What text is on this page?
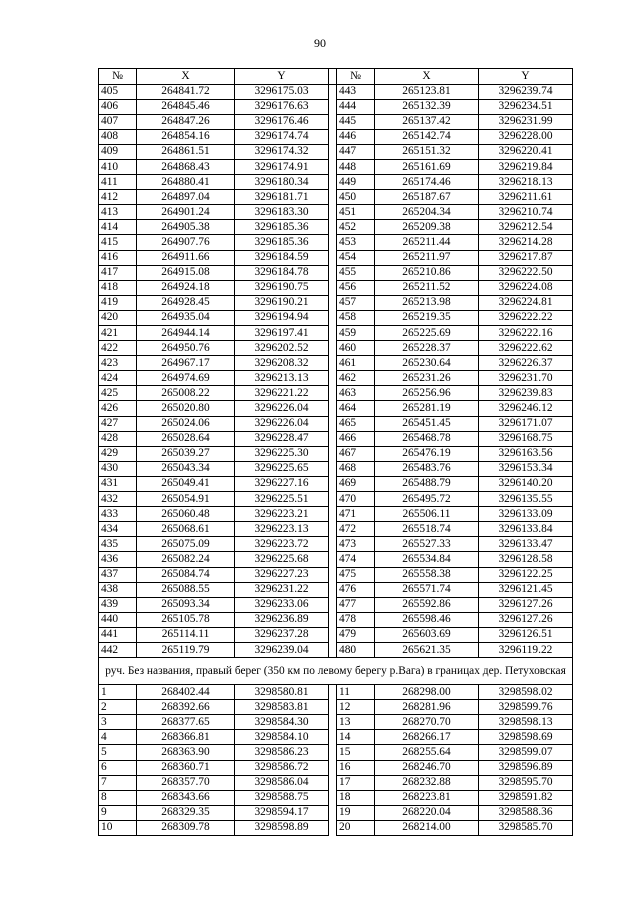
90
№	X	Y		№	X	Y
405	264841.72	3296175.03		443	265123.81	3296239.74
406	264845.46	3296176.63		444	265132.39	3296234.51
407	264847.26	3296176.46		445	265137.42	3296231.99
408	264854.16	3296174.74		446	265142.74	3296228.00
409	264861.51	3296174.32		447	265151.32	3296220.41
410	264868.43	3296174.91		448	265161.69	3296219.84
411	264880.41	3296180.34		449	265174.46	3296218.13
412	264897.04	3296181.71		450	265187.67	3296211.61
413	264901.24	3296183.30		451	265204.34	3296210.74
414	264905.38	3296185.36		452	265209.38	3296212.54
415	264907.76	3296185.36		453	265211.44	3296214.28
416	264911.66	3296184.59		454	265211.97	3296217.87
417	264915.08	3296184.78		455	265210.86	3296222.50
418	264924.18	3296190.75		456	265211.52	3296224.08
419	264928.45	3296190.21		457	265213.98	3296224.81
420	264935.04	3296194.94		458	265219.35	3296222.22
421	264944.14	3296197.41		459	265225.69	3296222.16
422	264950.76	3296202.52		460	265228.37	3296222.62
423	264967.17	3296208.32		461	265230.64	3296226.37
424	264974.69	3296213.13		462	265231.26	3296231.70
425	265008.22	3296221.22		463	265256.96	3296239.83
426	265020.80	3296226.04		464	265281.19	3296246.12
427	265024.06	3296226.04		465	265451.45	3296171.07
428	265028.64	3296228.47		466	265468.78	3296168.75
429	265039.27	3296225.30		467	265476.19	3296163.56
430	265043.34	3296225.65		468	265483.76	3296153.34
431	265049.41	3296227.16		469	265488.79	3296140.20
432	265054.91	3296225.51		470	265495.72	3296135.55
433	265060.48	3296223.21		471	265506.11	3296133.09
434	265068.61	3296223.13		472	265518.74	3296133.84
435	265075.09	3296223.72		473	265527.33	3296133.47
436	265082.24	3296225.68		474	265534.84	3296128.58
437	265084.74	3296227.23		475	265558.38	3296122.25
438	265088.55	3296231.22		476	265571.74	3296121.45
439	265093.34	3296233.06		477	265592.86	3296127.26
440	265105.78	3296236.89		478	265598.46	3296127.26
441	265114.11	3296237.28		479	265603.69	3296126.51
442	265119.79	3296239.04		480	265621.35	3296119.22
руч. Без названия, правый берег (350 км по левому берегу р.Вага) в границах дер. Петуховская						
1	268402.44	3298580.81		11	268298.00	3298598.02
2	268392.66	3298583.81		12	268281.96	3298599.76
3	268377.65	3298584.30		13	268270.70	3298598.13
4	268366.81	3298584.10		14	268266.17	3298598.69
5	268363.90	3298586.23		15	268255.64	3298599.07
6	268360.71	3298586.72		16	268246.70	3298596.89
7	268357.70	3298586.04		17	268232.88	3298595.70
8	268343.66	3298588.75		18	268223.81	3298591.82
9	268329.35	3298594.17		19	268220.04	3298588.36
10	268309.78	3298598.89		20	268214.00	3298585.70
